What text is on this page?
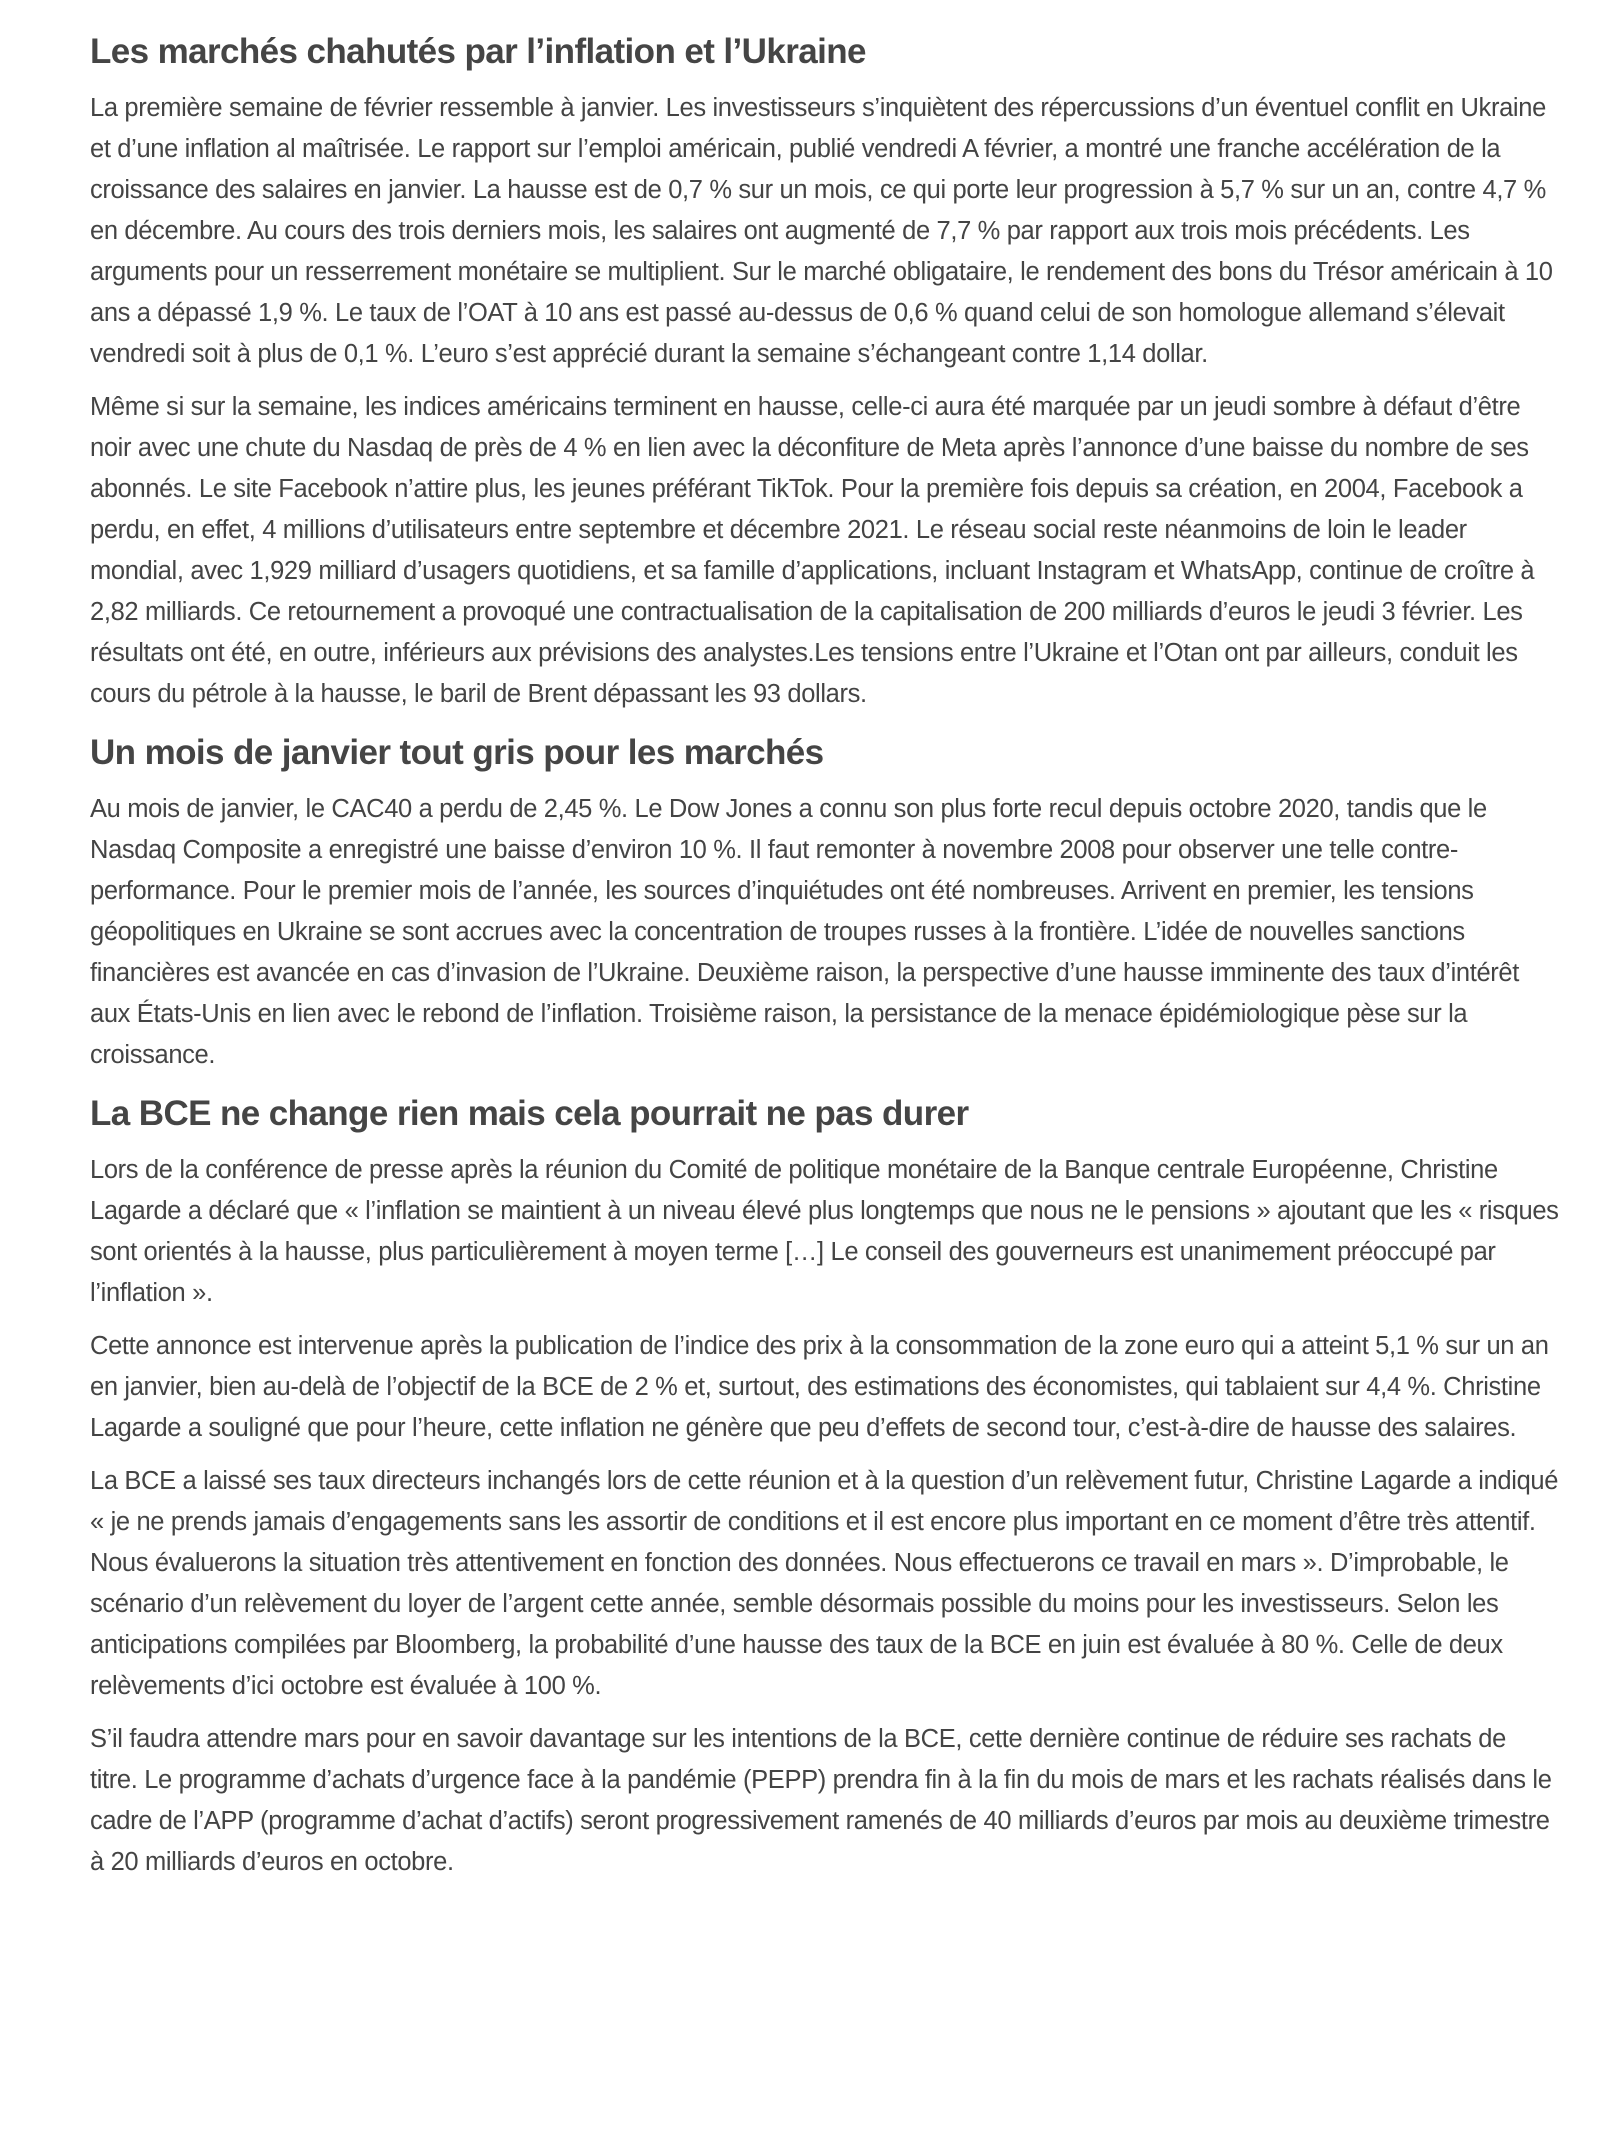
Les marchés chahutés par l’inflation et l’Ukraine

La première semaine de février ressemble à janvier. Les investisseurs s’inquiètent des répercussions d’un éventuel conflit en Ukraine et d’une inflation al maîtrisée. Le rapport sur l’emploi américain, publié vendredi A février, a montré une franche accélération de la croissance des salaires en janvier. La hausse est de 0,7 % sur un mois, ce qui porte leur progression à 5,7 % sur un an, contre 4,7 % en décembre. Au cours des trois derniers mois, les salaires ont augmenté de 7,7 % par rapport aux trois mois précédents. Les arguments pour un resserrement monétaire se multiplient. Sur le marché obligataire, le rendement des bons du Trésor américain à 10 ans a dépassé 1,9 %. Le taux de l’OAT à 10 ans est passé au-dessus de 0,6 % quand celui de son homologue allemand s’élevait vendredi soit à plus de 0,1 %. L’euro s’est apprécié durant la semaine s’échangeant contre 1,14 dollar.

Même si sur la semaine, les indices américains terminent en hausse, celle-ci aura été marquée par un jeudi sombre à défaut d’être noir avec une chute du Nasdaq de près de 4 % en lien avec la déconfiture de Meta après l’annonce d’une baisse du nombre de ses abonnés. Le site Facebook n’attire plus, les jeunes préférant TikTok. Pour la première fois depuis sa création, en 2004, Facebook a perdu, en effet, 4 millions d’utilisateurs entre septembre et décembre 2021. Le réseau social reste néanmoins de loin le leader mondial, avec 1,929 milliard d’usagers quotidiens, et sa famille d’applications, incluant Instagram et WhatsApp, continue de croître à 2,82 milliards. Ce retournement a provoqué une contractualisation de la capitalisation de 200 milliards d’euros le jeudi 3 février. Les résultats ont été, en outre, inférieurs aux prévisions des analystes.Les tensions entre l’Ukraine et l’Otan ont par ailleurs, conduit les cours du pétrole à la hausse, le baril de Brent dépassant les 93 dollars.

Un mois de janvier tout gris pour les marchés

Au mois de janvier, le CAC40 a perdu de 2,45 %. Le Dow Jones a connu son plus forte recul depuis octobre 2020, tandis que le Nasdaq Composite a enregistré une baisse d’environ 10 %. Il faut remonter à novembre 2008 pour observer une telle contre-performance. Pour le premier mois de l’année, les sources d’inquiétudes ont été nombreuses. Arrivent en premier, les tensions géopolitiques en Ukraine se sont accrues avec la concentration de troupes russes à la frontière. L’idée de nouvelles sanctions financières est avancée en cas d’invasion de l’Ukraine. Deuxième raison, la perspective d’une hausse imminente des taux d’intérêt aux États-Unis en lien avec le rebond de l’inflation. Troisième raison, la persistance de la menace épidémiologique pèse sur la croissance.

La BCE ne change rien mais cela pourrait ne pas durer

Lors de la conférence de presse après la réunion du Comité de politique monétaire de la Banque centrale Européenne, Christine Lagarde a déclaré que « l’inflation se maintient à un niveau élevé plus longtemps que nous ne le pensions » ajoutant que les « risques sont orientés à la hausse, plus particulièrement à moyen terme […] Le conseil des gouverneurs est unanimement préoccupé par l’inflation ».

Cette annonce est intervenue après la publication de l’indice des prix à la consommation de la zone euro qui a atteint 5,1 % sur un an en janvier, bien au-delà de l’objectif de la BCE de 2 % et, surtout, des estimations des économistes, qui tablaient sur 4,4 %. Christine Lagarde a souligné que pour l’heure, cette inflation ne génère que peu d’effets de second tour, c’est-à-dire de hausse des salaires.

La BCE a laissé ses taux directeurs inchangés lors de cette réunion et à la question d’un relèvement futur, Christine Lagarde a indiqué « je ne prends jamais d’engagements sans les assortir de conditions et il est encore plus important en ce moment d’être très attentif. Nous évaluerons la situation très attentivement en fonction des données. Nous effectuerons ce travail en mars ». D’improbable, le scénario d’un relèvement du loyer de l’argent cette année, semble désormais possible du moins pour les investisseurs. Selon les anticipations compilées par Bloomberg, la probabilité d’une hausse des taux de la BCE en juin est évaluée à 80 %. Celle de deux relèvements d’ici octobre est évaluée à 100 %.

S’il faudra attendre mars pour en savoir davantage sur les intentions de la BCE, cette dernière continue de réduire ses rachats de titre. Le programme d’achats d’urgence face à la pandémie (PEPP) prendra fin à la fin du mois de mars et les rachats réalisés dans le cadre de l’APP (programme d’achat d’actifs) seront progressivement ramenés de 40 milliards d’euros par mois au deuxième trimestre à 20 milliards d’euros en octobre.
